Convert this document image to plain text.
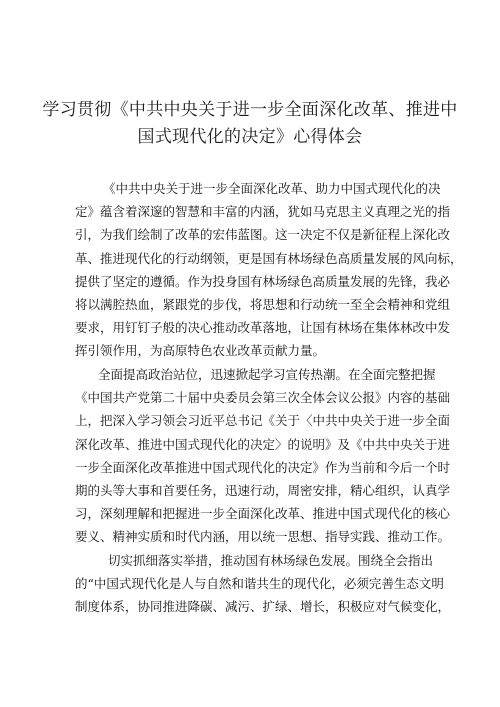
学习贯彻《中共中央关于进一步全面深化改革、推进中
国式现代化的决定》心得体会
《中共中央关于进一步全面深化改革、助力中国式现代化的决
定》蕴含着深邃的智慧和丰富的内涵，犹如马克思主义真理之光的指
引，为我们绘制了改革的宏伟蓝图。这一决定不仅是新征程上深化改
革、推进现代化的行动纲领，更是国有林场绿色高质量发展的风向标，
提供了坚定的遵循。作为投身国有林场绿色高质量发展的先锋，我必
将以满腔热血，紧跟党的步伐，将思想和行动统一至全会精神和党组
要求，用钉钉子般的决心推动改革落地，让国有林场在集体林改中发
挥引领作用，为高原特色农业改革贡献力量。
全面提高政治站位，迅速掀起学习宣传热潮。在全面完整把握
《中国共产党第二十届中央委员会第三次全体会议公报》内容的基础
上，把深入学习领会习近平总书记《关于〈中共中央关于进一步全面
深化改革、推进中国式现代化的决定〉的说明》及《中共中央关于进
一步全面深化改革推进中国式现代化的决定》作为当前和今后一个时
期的头等大事和首要任务，迅速行动，周密安排，精心组织，认真学
习，深刻理解和把握进一步全面深化改革、推进中国式现代化的核心
要义、精神实质和时代内涵，用以统一思想、指导实践、推动工作。
切实抓细落实举措，推动国有林场绿色发展。围绕全会指出
的“中国式现代化是人与自然和谐共生的现代化，必须完善生态文明
制度体系，协同推进降碳、减污、扩绿、增长，积极应对气候变化，
